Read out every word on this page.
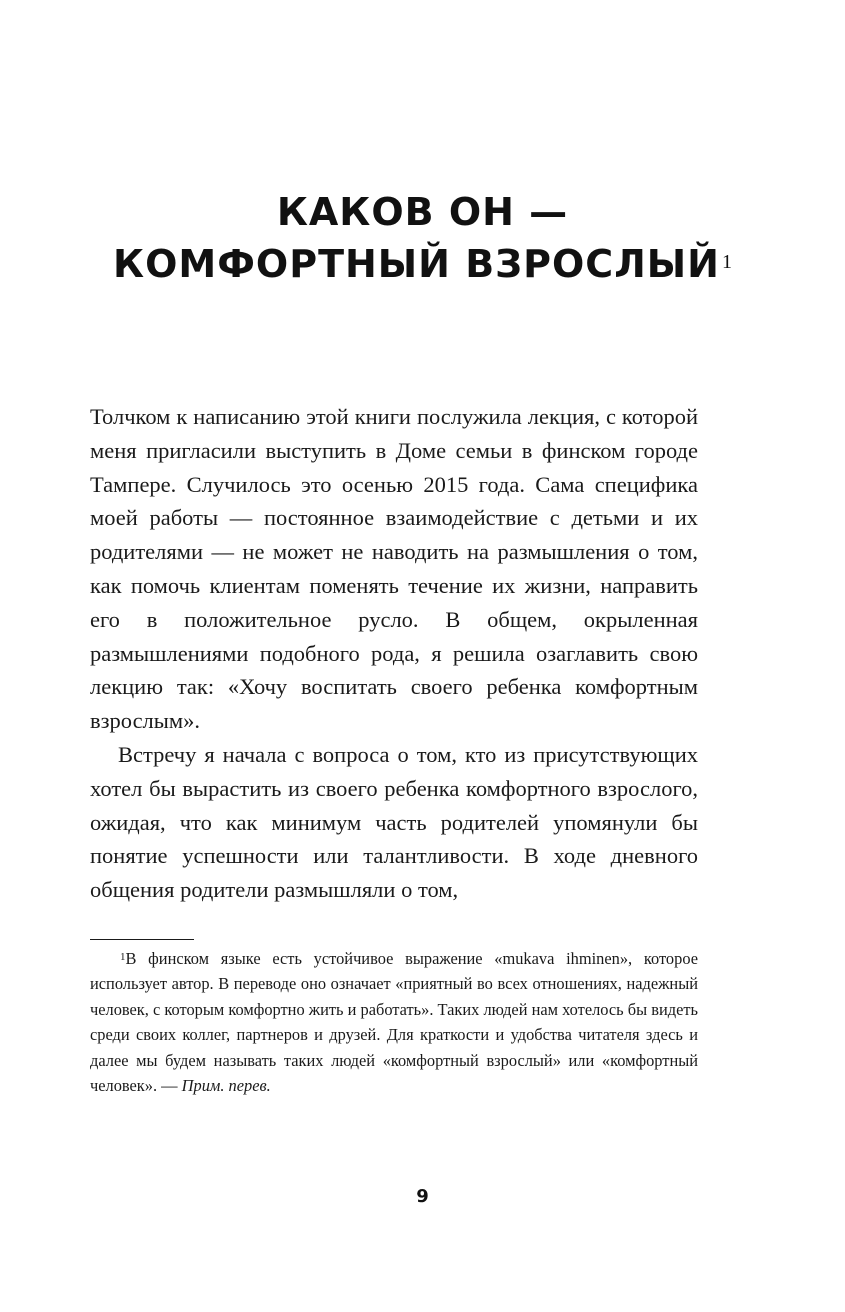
КАКОВ ОН —
КОМФОРТНЫЙ ВЗРОСЛЫЙ $^1$

Толчком к написанию этой книги послужила лекция, с которой меня пригласили выступить в Доме семьи в финском городе Тампере. Случилось это осенью 2015 года. Сама специфика моей работы — постоянное взаимодействие с детьми и их родителями — не может не наводить на размышления о том, как помочь клиентам поменять течение их жизни, направить его в положительное русло. В общем, окрыленная размышлениями подобного рода, я решила озаглавить свою лекцию так: «Хочу воспитать своего ребенка комфортным взрослым».

Встречу я начала с вопроса о том, кто из присутствующих хотел бы вырастить из своего ребенка комфортного взрослого, ожидая, что как минимум часть родителей упомянули бы понятие успешности или талантливости. В ходе дневного общения родители размышляли о том,

$^1$В финском языке есть устойчивое выражение «mukava ihminen», которое использует автор. В переводе оно означает «приятный во всех отношениях, надежный человек, с которым комфортно жить и работать». Таких людей нам хотелось бы видеть среди своих коллег, партнеров и друзей. Для краткости и удобства читателя здесь и далее мы будем называть таких людей «комфортный взрослый» или «комфортный человек». — Прим. перев.

9
